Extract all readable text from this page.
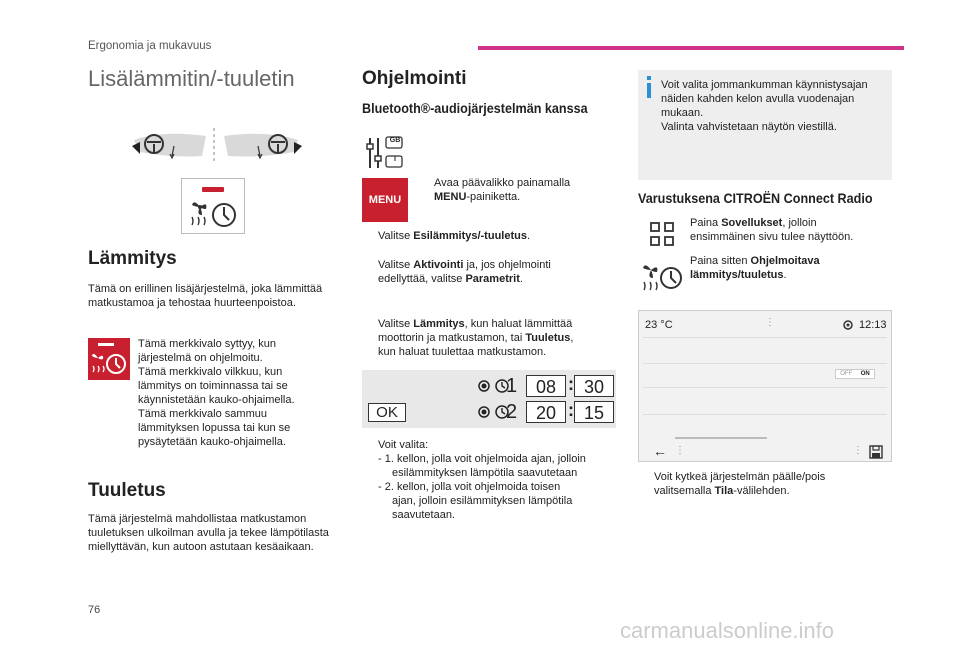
Ergonomia ja mukavuus
Lisälämmitin/-tuuletin
Lämmitys
Tämä on erillinen lisäjärjestelmä, joka lämmittää matkustamoa ja tehostaa huurteenpoistoa.
Tämä merkkivalo syttyy, kun
järjestelmä on ohjelmoitu.
Tämä merkkivalo vilkkuu, kun
lämmitys on toiminnassa tai se
käynnistetään kauko-ohjaimella.
Tämä merkkivalo sammuu
lämmityksen lopussa tai kun se
pysäytetään kauko-ohjaimella.
Tuuletus
Tämä järjestelmä mahdollistaa matkustamon tuuletuksen ulkoilman avulla ja tekee lämpötilasta miellyttävän, kun autoon astutaan kesäaikaan.
Ohjelmointi
Bluetooth®-audiojärjestelmän kanssa
GB
I
MENU
Avaa päävalikko painamalla
MENU-painiketta.
Valitse Esilämmitys/-tuuletus.
Valitse Aktivointi ja, jos ohjelmointi
edellyttää, valitse Parametrit.
Valitse Lämmitys, kun haluat lämmittää
moottorin ja matkustamon, tai Tuuletus,
kun haluat tuulettaa matkustamon.
OK
1	08 : 30
2	20 : 15
Voit valita:
- 1. kellon, jolla voit ohjelmoida ajan, jolloin
esilämmityksen lämpötila saavutetaan
- 2. kellon, jolla voit ohjelmoida toisen
ajan, jolloin esilämmityksen lämpötila
saavutetaan.
Voit valita jommankumman käynnistysajan
näiden kahden kelon avulla vuodenajan
mukaan.
Valinta vahvistetaan näytön viestillä.
Varustuksena CITROËN Connect Radio
Paina Sovellukset, jolloin
ensimmäinen sivu tulee näyttöön.
Paina sitten Ohjelmoitava
lämmitys/tuuletus.
23 °C	⋮	12:13
OFF ON
← ⋮	⋮
Voit kytkeä järjestelmän päälle/pois
valitsemalla Tila-välilehden.
76
carmanualsonline.info
